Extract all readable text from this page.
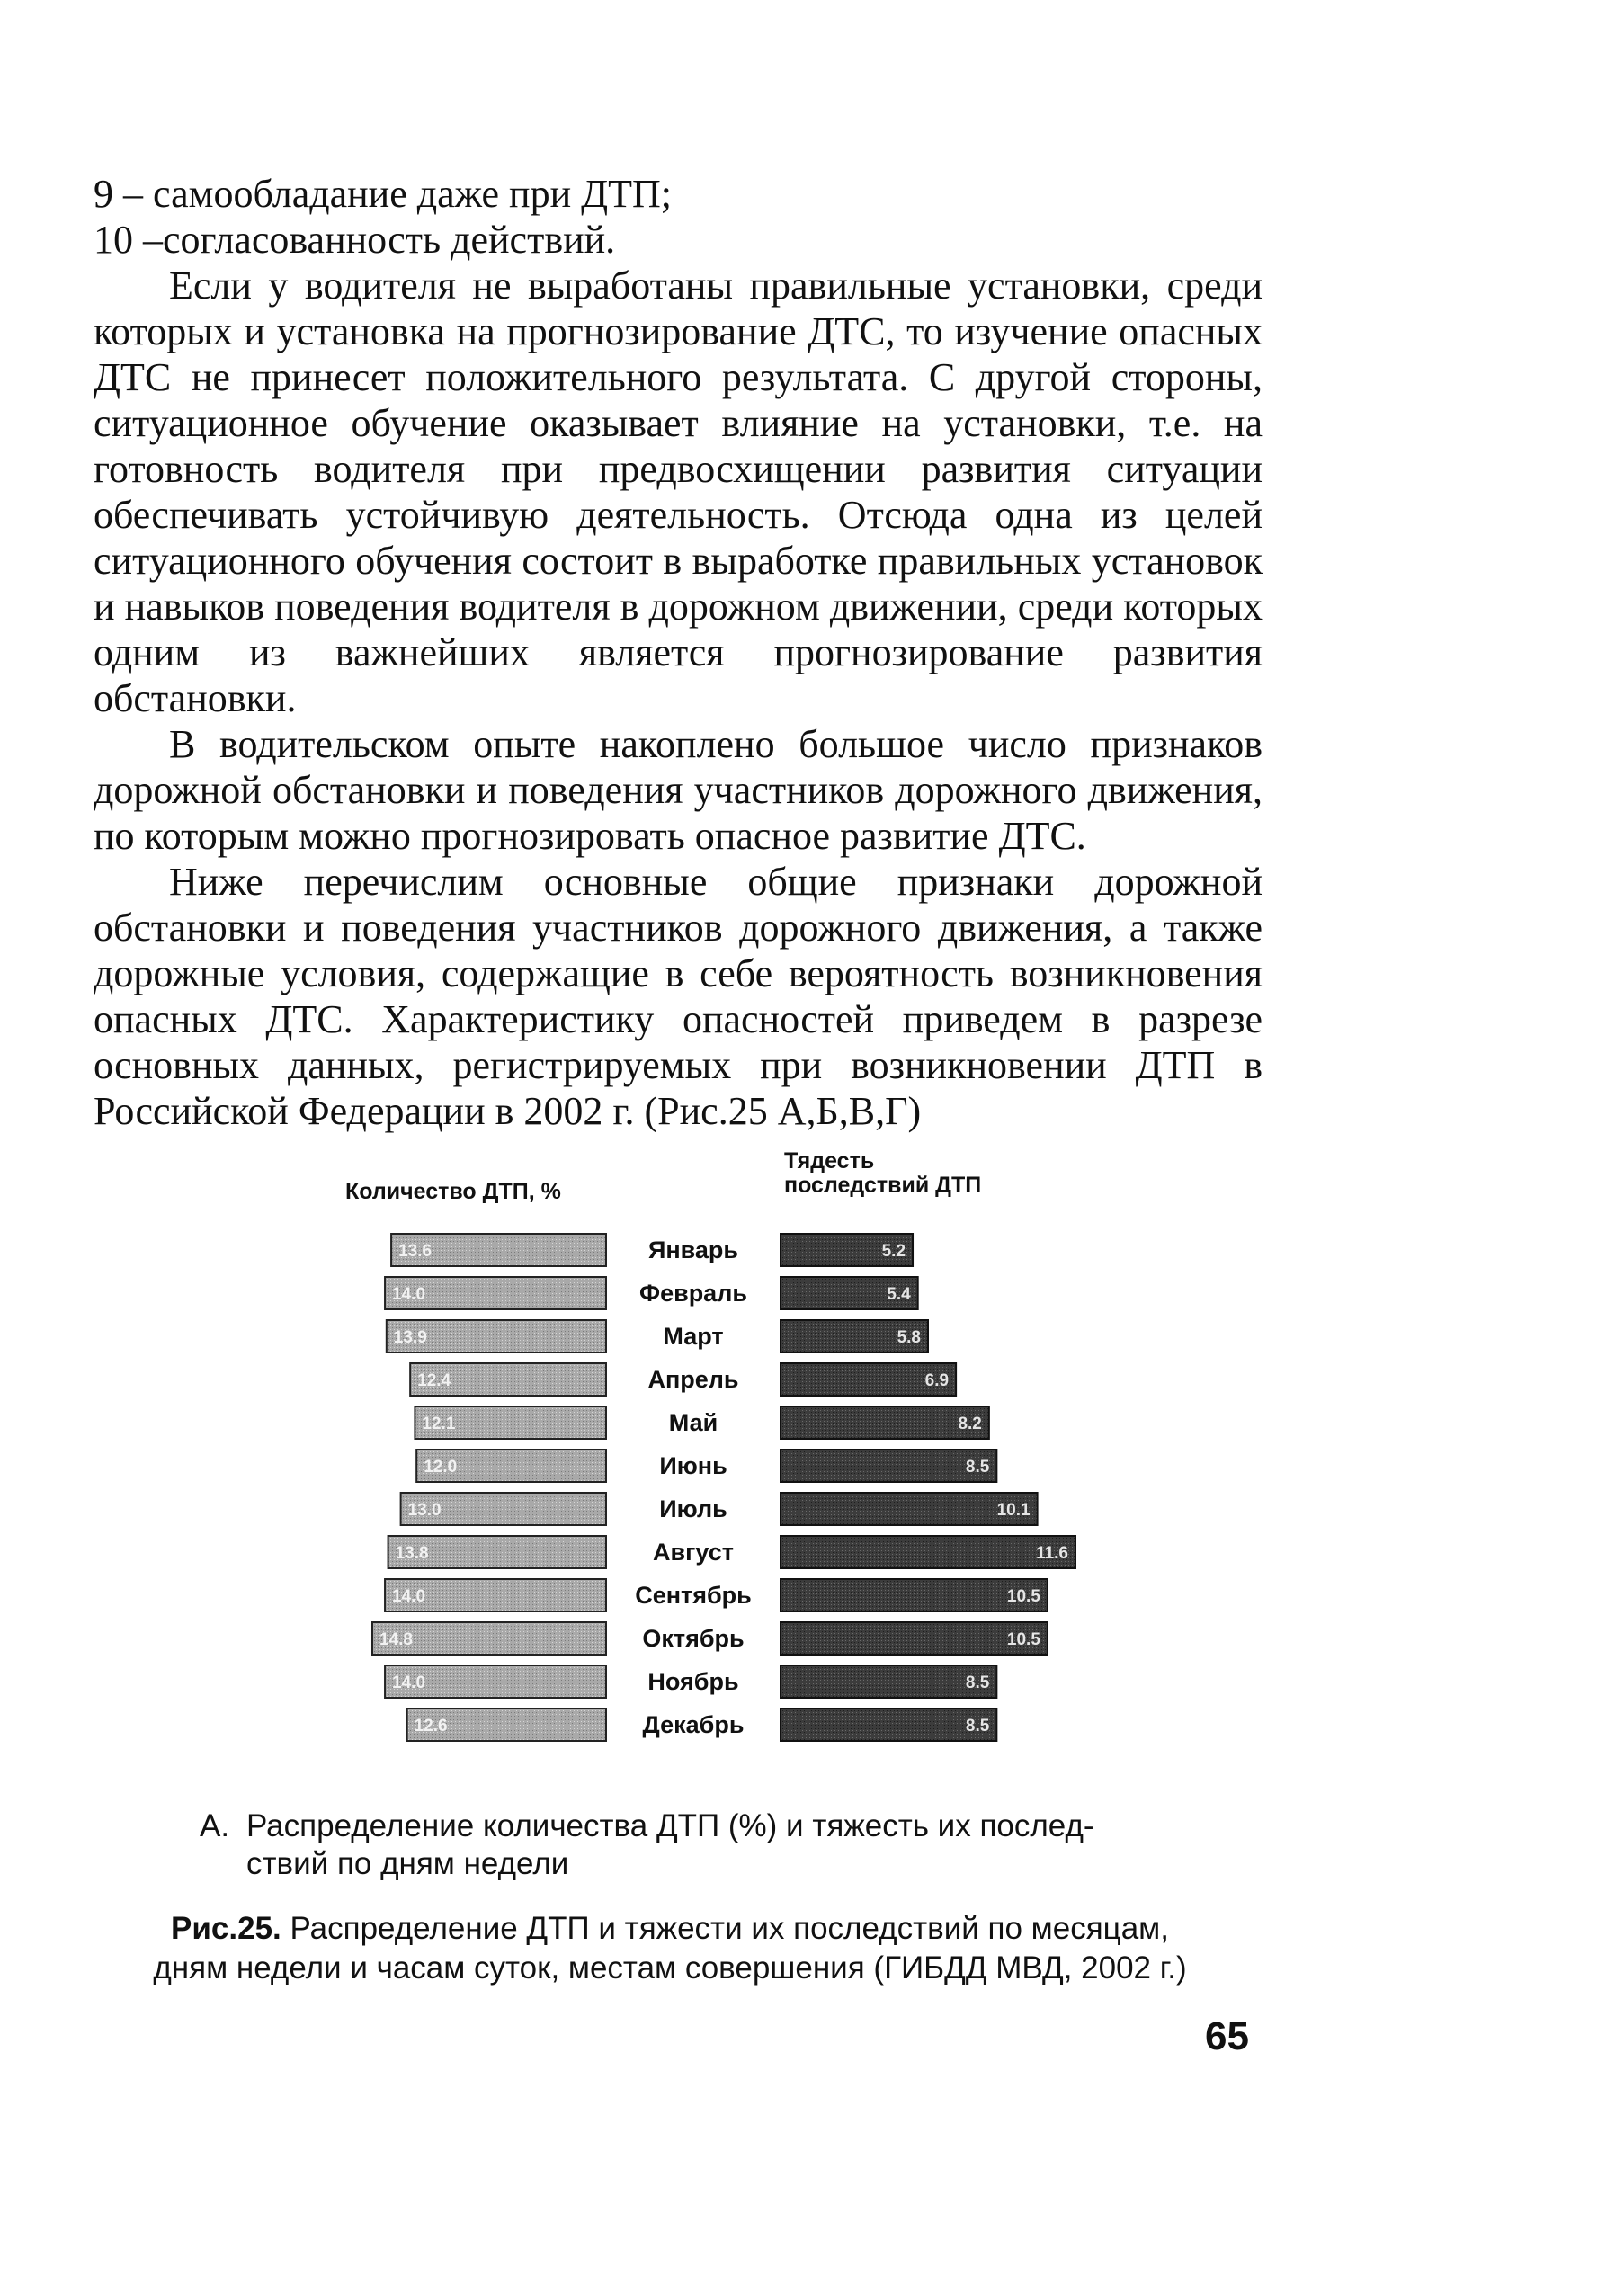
9 – самообладание даже при ДТП;

10 –согласованность действий.

Если у водителя не выработаны правильные установки, среди которых и установка на прогнозирование ДТС, то изучение опасных ДТС не принесет положительного результата. С другой стороны, ситуационное обучение оказывает влияние на установки, т.е. на готовность водителя при предвосхищении развития ситуации обеспечивать устойчивую деятельность. Отсюда одна из целей ситуационного обучения состоит в выработке правильных установок и навыков поведения водителя в дорожном движении, среди которых одним из важнейших является прогнозирование развития обстановки.

В водительском опыте накоплено большое число признаков дорожной обстановки и поведения участников дорожного движения, по которым можно прогнозировать опасное развитие ДТС.

Ниже перечислим основные общие признаки дорожной обстановки и поведения участников дорожного движения, а также дорожные условия, содержащие в себе вероятность возникновения опасных ДТС. Характеристику опасностей приведем в разрезе основных данных, регистрируемых при возникновении ДТП в Российской Федерации в 2002 г. (Рис.25 А,Б,В,Г)

Количество ДТП, %
Тядесть
последствий ДТП
13.6	Январь	5.2
14.0	Февраль	5.4
13.9	Март	5.8
12.4	Апрель	6.9
12.1	Май	8.2
12.0	Июнь	8.5
13.0	Июль	10.1
13.8	Август	11.6
14.0	Сентябрь	10.5
14.8	Октябрь	10.5
14.0	Ноябрь	8.5
12.6	Декабрь	8.5
А. Распределение количества ДТП (%) и тяжесть их послед-
ствий по дням недели
Рис.25. Распределение ДТП и тяжести их последствий по месяцам,
дням недели и часам суток, местам совершения (ГИБДД МВД, 2002 г.)
65
